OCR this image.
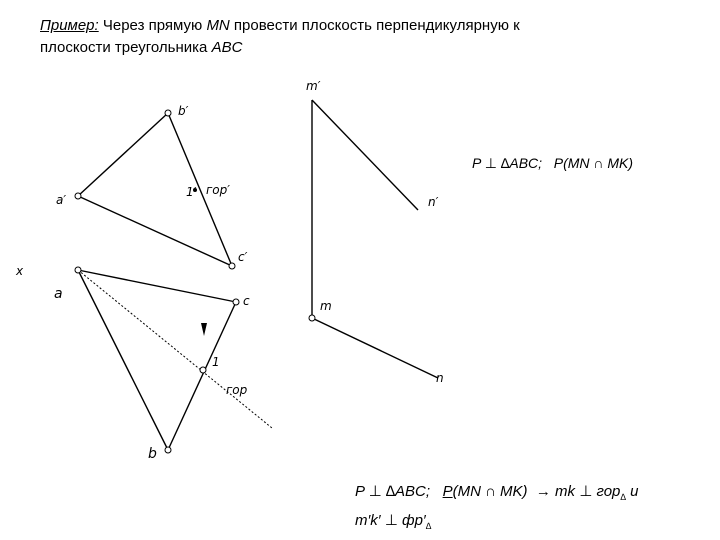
Пример: Через прямую MN провести плоскость перпендикулярную к
плоскости треугольника ABC
b′
a′
c′
1′ гор′
x
a	c
1
гор
b
m′
n′
m
n
P ⊥ ∆ABC; P(MN ∩ MK)
P ⊥ ∆ABC; P(MN ∩ MK) → mk ⊥ гор$_\Delta$ и
m′k′ ⊥ $фр'_\Delta$
